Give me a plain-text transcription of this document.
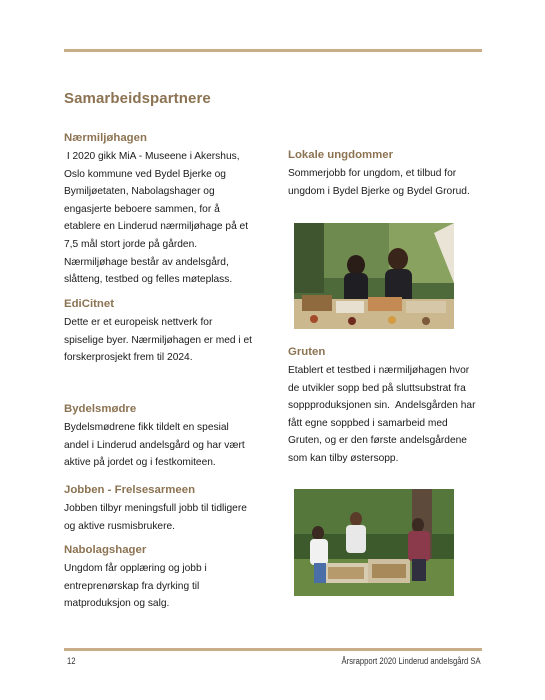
Samarbeidspartnere
Nærmiljøhagen
I 2020 gikk MiA - Museene i Akershus,
Oslo kommune ved Bydel Bjerke og
Bymiljøetaten, Nabolagshager og
engasjerte beboere sammen, for å
etablere en Linderud nærmiljøhage på et
7,5 mål stort jorde på gården.
Nærmiljøhage består av andelsgård,
slåtteng, testbed og felles møteplass.
EdiCitnet
Dette er et europeisk nettverk for
spiselige byer. Nærmiljøhagen er med i et
forskerprosjekt frem til 2024.
Bydelsmødre
Bydelsmødrene fikk tildelt en spesial
andel i Linderud andelsgård og har vært
aktive på jordet og i festkomiteen.
Jobben - Frelsesarmeen
Jobben tilbyr meningsfull jobb til tidligere
og aktive rusmisbrukere.
Nabolagshager
Ungdom får opplæring og jobb i
entreprenørskap fra dyrking til
matproduksjon og salg.
Lokale ungdommer
Sommerjobb for ungdom, et tilbud for
ungdom i Bydel Bjerke og Bydel Grorud.
Gruten
Etablert et testbed i nærmiljøhagen hvor
de utvikler sopp bed på sluttsubstrat fra
soppproduksjonen sin.  Andelsgården har
fått egne soppbed i samarbeid med
Gruten, og er den første andelsgårdene
som kan tilby østersopp.
12	Årsrapport 2020 Linderud andelsgård SA
